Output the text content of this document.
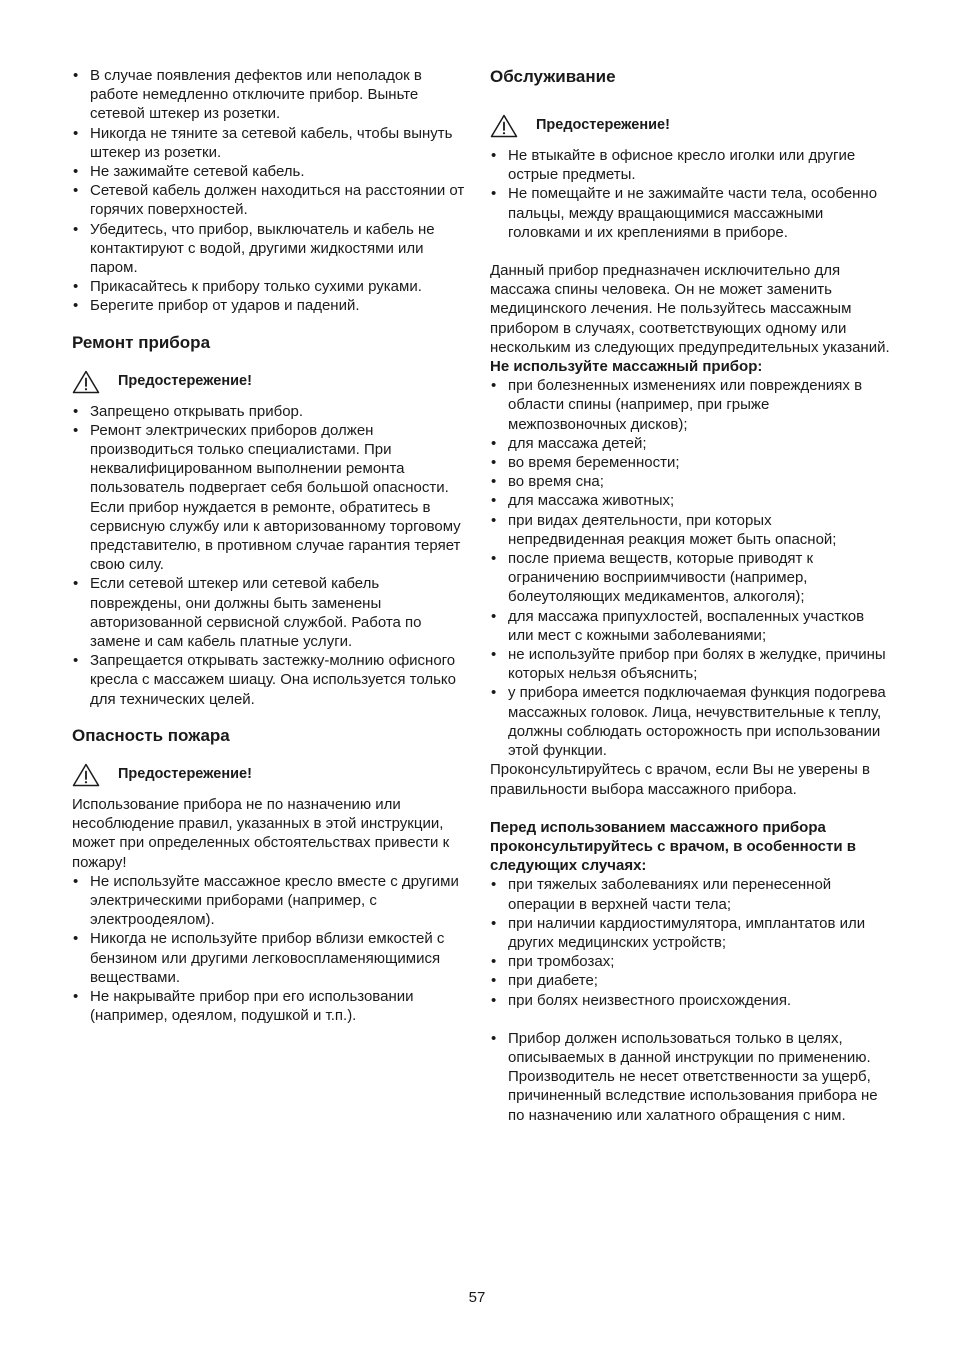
• В случае появления дефектов или неполадок в работе немедленно отключите прибор. Выньте сетевой штекер из розетки.
• Никогда не тяните за сетевой кабель, чтобы вынуть штекер из розетки.
• Не зажимайте сетевой кабель.
• Сетевой кабель должен находиться на расстоянии от горячих поверхностей.
• Убедитесь, что прибор, выключатель и кабель не контактируют с водой, другими жидкостями или паром.
• Прикасайтесь к прибору только сухими руками.
• Берегите прибор от ударов и падений.
Ремонт прибора
Предостережение!
• Запрещено открывать прибор.
• Ремонт электрических приборов должен производиться только специалистами. При неквалифицированном выполнении ремонта пользователь подвергает себя большой опасности. Если прибор нуждается в ремонте, обратитесь в сервисную службу или к авторизованному торговому представителю, в противном случае гарантия теряет свою силу.
• Если сетевой штекер или сетевой кабель повреждены, они должны быть заменены авторизованной сервисной службой. Работа по замене и сам кабель платные услуги.
• Запрещается открывать застежку-молнию офисного кресла с массажем шиацу. Она используется только для технических целей.
Опасность пожара
Предостережение!

Использование прибора не по назначению или несоблюдение правил, указанных в этой инструкции, может при определенных обстоятельствах привести к пожару!

• Не используйте массажное кресло вместе с другими электрическими приборами (например, с электроодеялом).
• Никогда не используйте прибор вблизи емкостей с бензином или другими легковоспламеняющимися веществами.
• Не накрывайте прибор при его использовании (например, одеялом, подушкой и т.п.).
Обслуживание
Предостережение!
• Не втыкайте в офисное кресло иголки или другие острые предметы.
• Не помещайте и не зажимайте части тела, особенно пальцы, между вращающимися массажными головками и их креплениями в приборе.

Данный прибор предназначен исключительно для массажа спины человека. Он не может заменить медицинского лечения. Не пользуйтесь массажным прибором в случаях, соответствующих одному или нескольким из следующих предупредительных указаний.

Не используйте массажный прибор:

• при болезненных изменениях или повреждениях в области спины (например, при грыже межпозвоночных дисков);
• для массажа детей;
• во время беременности;
• во время сна;
• для массажа животных;
• при видах деятельности, при которых непредвиденная реакция может быть опасной;
• после приема веществ, которые приводят к ограничению восприимчивости (например, болеутоляющих медикаментов, алкоголя);
• для массажа припухлостей, воспаленных участков или мест с кожными заболеваниями;
• не используйте прибор при болях в желудке, причины которых нельзя объяснить;
• у прибора имеется подключаемая функция подогрева массажных головок. Лица, нечувствительные к теплу, должны соблюдать осторожность при использовании этой функции.

Проконсультируйтесь с врачом, если Вы не уверены в правильности выбора массажного прибора.

Перед использованием массажного прибора проконсультируйтесь с врачом, в особенности в следующих случаях:

• при тяжелых заболеваниях или перенесенной операции в верхней части тела;
• при наличии кардиостимулятора, имплантатов или других медицинских устройств;
• при тромбозах;
• при диабете;
• при болях неизвестного происхождения.
• Прибор должен использоваться только в целях, описываемых в данной инструкции по применению. Производитель не несет ответственности за ущерб, причиненный вследствие использования прибора не по назначению или халатного обращения с ним.
57
